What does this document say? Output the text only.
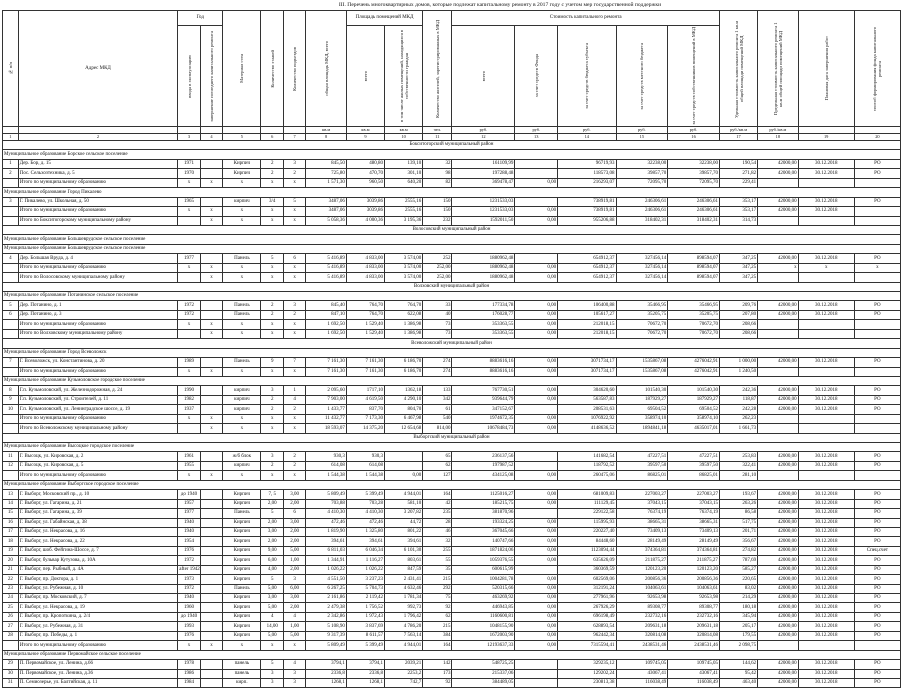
III. Перечень многоквартирных домов, которые подлежат капитальному ремонту в 2017 году с учетом мер государственной поддержки
№ п/п	Адрес МКД	Год		Материал стен	Количество этажей	Количество подъездов	общая площадь МКД, всего	Площадь помещений МКД		Количество жителей, зарегистрированных в МКД	Стоимость капитального ремонта					Удельная стоимость капитального ремонта 1 кв.м общей площади помещений МКД	Предельная стоимость капитального ремонта 1 кв.м общей площади помещений МКД	Плановая дата завершения работ	способ формирования фонда капитального ремонта

		ввода в эксплуатацию	завершение последнего капитального ремонта					всего	в том числе жилых помещений, находящихся в собственности граждан		всего	за счет средств Фонда	за счет средств бюджета субъекта	за счет средств местного бюджета	за счет средств собственников помещений в МКД				

							кв.м	кв.м	кв.м	чел.	руб.	руб.	руб.	руб.	руб.	руб./кв.м	руб./кв.м		
1	2	3	4	5	6	7	8	9	10	11	12	13	14	15	16	17	18	19	20
Бокситогорский муниципальный район																			
Муниципальное образование Борское сельское поселение																			
1	Дер. Бор, д. 15	1971		Кирпич	2	3	845,50	480,80	139,10	32	161109,99		96719,93	32238,00	32238,00	190,54	42000,00	30.12.2018	РО
2	Пос. Сельхозтехника, д. 5	1970		Кирпич	2	2	725,80	470,70	301,10	98	197288,48		118573,08	39857,70	39857,70	271,82	42000,00	30.12.2018	РО
	Итого по муниципальному образованию	x	x	x	x	x	1 571,30	960,50	640,20	82	369478,47	0,00	216293,07	72095,70	72095,70	229,41			
Муниципальное образование Город Пикалево																			
3	Г. Пикалево, ул. Школьная, д. 50	1965		кирпич	3/4	5	3487,06	3039,86	2555,16	150	1231533,03		738919,81	246306,61	246306,61	353,17	42000,00	30.12.2018	РО
	Итого по муниципальному образованию	x	x	x	x	x	3487,06	3039,86	2555,16	150	1231533,03	0,00	738919,81	246306,61	246306,61	353,17	42000,00	30.12.2018	
	Итого по Бокситогорскому муниципальному району		x	x	x	x	5 058,36	4 000,36	3 195,36	232	1592011,50	0,00	955206,88	318402,31	318402,31	314,73			
Волосовский муниципальный район																			
Муниципальное образование Большеврудское сельское поселение																			
Муниципальное образование Большеврудское сельское поселение																			
4	Дер. Большая Вруда, д. 4	1977		Панель	5	6	5 416,89	4 833,00	3 574,00	252	1880962,48		654912,37	327456,14	898594,07	347,25	42000,00	30.12.2018	РО
	Итого по муниципальному образованию	x	x	x	x	x	5 416,89	4 833,00	3 574,00	252,00	1880962,48	0,00	654912,37	327456,14	898594,07	347,25	x	x	x
	Итого по Волосовскому муниципальному району		x	x	x	x	5 416,89	4 833,00	3 574,00	252,00	1880962,48	0,00	654912,37	327456,14	898594,07	347,25			
Волховский муниципальный район																			
Муниципальное образование Потанинское сельское поселение																			
5	Дер. Потанино, д. 1	1972		Панель	2	3	845,40	764,70	764,70	33	177334,78	0,00	106400,88	35466,95	35466,95	209,76	42000,00	30.12.2018	РО
6	Дер. Потанино, д. 3	1972		Панель	2	2	847,10	764,70	622,08	40	176028,77	0,00	105617,27	35205,75	35205,75	207,80	42000,00	30.12.2018	РО
	Итого по муниципальному образованию	x	x	x	x	x	1 692,50	1 529,40	1 386,98	73	353363,55	0,00	212018,15	70672,70	70672,70	208,66			
	Итого по Волховскому муниципальному району		x	x	x	x	1 692,50	1 529,40	1 386,98	73	353363,55	0,00	212018,15	70672,70	70672,70	208,66			
Всеволожский муниципальный район																			
Муниципальное образование Город Всеволожск																			
7	Г. Всеволожск, ул. Константинова, д. 20	1989		Панель	9	7	7 161,30	7 161,30	6 186,70	274	8883616,16	0,00	3071734,17	1535867,08	4276042,91	1 000,00	42000,00	30.12.2018	РО
	Итого по муниципальному образованию	x	x	x	x	x	7 161,30	7 161,30	6 186,70	274	8883616,16	0,00	3071734,17	1535867,08	4276042,91	1 240,50			
Муниципальное образование Кузьмоловское городское поселение																			
8	Г.п. Кузьмоловский, ул. Железнодорожная, д. 24	1990		кирпич	3	1	2 095,60	1717,10	1362,18	133	767730,51	0,00	304620,60	101540,30	101540,30	242,36	42000,00	30.12.2018	РО
9	Г.п. Кузьмоловский, ул. Строителей, д. 11	1982		кирпич	2	4	7 903,00	4 619,50	4 290,10	342	939644,79	0,00	563587,83	187929,27	187929,27	118,87	42000,00	30.12.2018	РО
10	Г.п. Кузьмоловский, ул. Ленинградское шоссе, д. 19	1937		кирпич	2	2	1 433,77	837,70	804,70	61	347152,67		208531,63	69504,52	69504,52	242,28	42000,00	30.12.2018	РО
	Итого по муниципальному образованию	x	x	x	x	x	11 432,77	7 173,30	6 467,98	540	1974672,35	0,00	1076922,92	358974,10	358974,10	262,23			
	Итого по Всеволожскому муниципальному району		x	x	x	x	18 593,07	14 375,20	12 654,68	814,00	10678484,73	0,00	4148636,52	1894841,18	4635017,01	1 661,73			
Выборгский муниципальный район																			
Муниципальное образование Высоцкое городское поселение																			
11	Г. Высоцк, ул. Кировская, д. 2	1961		ж/б блок	3	2	930,3	930,3		65	236137,56		141682,54	47227,51	47227,51	253,83	42000,00	30.12.2018	РО
12	Г. Высоцк, ул. Кировская, д. 5	1955		кирпич	2	2	614,08	614,08		62	197987,52		118792,52	39597,50	39597,50	322,41	42000,00	30.12.2018	РО
	Итого по муниципальному образованию	x	x	x	x	x	1 544,38	1 544,38	0,00	127	434125,08	0,00	260475,06	86825,01	86825,01	281,10			
Муниципальное образование Выборгское городское поселение																			
13	Г. Выборг, Московский пр., д. 10	до 1940		Кирпич	7, 5	3,00	5 809,49	5 399,49	4 944,01	164	1125016,27	0,00	681009,83	227003,27	227003,27	193,67	42000,00	30.12.2018	РО
14	Г. Выборг, ул. Гагарина, д. 21	1957		Кирпич	2,00	2,00	703,88	703,28	581,10	42	185215,75	0,00	111129,45	37043,15	37043,15	263,26	42000,00	30.12.2018	РО
15	Г. Выборг, ул. Гагарина, д. 39	1977		Панель	5	6	4 410,30	4 410,30	3 207,82	235	381870,96		229122,58	76374,19	76374,19	86,58	42000,00	30.12.2018	РО
16	Г. Выборг, ул. Габайнская, д. 38	1940		Кирпич	2,00	3,00	472,46	472,46	44,72	28	193324,25	0,00	115995,93	38665,31	38665,31	517,75	42000,00	30.12.2018	РО
17	Г. Выборг, ул. Некрасова, д. 16	1940		Кирпич	3,00	2,00	1 819,90	1 325,80	801,22	46	367045,66	0,00	220227,40	73409,13	73409,13	201,71	42000,00	30.12.2018	РО
18	Г. Выборг, ул. Некрасова, д. 22	1954		Кирпич	2,00	2,00	394,61	394,61	394,61	32	140747,66	0,00	84448,60	28149,49	28149,49	356,67	42000,00	30.12.2018	РО
19	Г. Выборг, шоб. Фейгина-Шоссе, д. 7	1976		Кирпич	9,00	5,00	6 811,03	6 046,34	6 101,30	255	1871824,06	0,00	1123094,44	374364,81	374364,81	274,82	42000,00	30.12.2018	Спец.счет
20	Г. Выборг, бульвар Кутузова, д. 10А	1972		Кирпич	6,00	1,00	1 344,91	1 116,27	803,61	55	1059376,55	0,00	635626,09	211875,27	211875,27	787,69	42000,00	30.12.2018	РО
21	Г. Выборг, пер. Рыбный, д. 4А	after 1942		Кирпич	4,00	2,00	1 026,22	1 026,22	847,59	35	600615,99		360369,59	120123,20	120123,20	585,27	42000,00	30.12.2018	РО
22	Г. Выборг, пр. Доктора, д. 1	1973		Кирпич	5	3	4 551,50	3 237,23	2 431,41	215	1004281,78	0,00	602569,06	200856,36	200856,36	220,65	42000,00	30.12.2018	РО
23	Г. Выборг, ул. Рубежная, д. 10	1972		Панель	5,00	6,00	6 267,25	5 704,73	4 632,46	292	520315,66	0,00	312191,24	104063,61	104063,61	83,02	42000,00	30.12.2018	РО
24	Г. Выборг, пр. Московский, д. 7	1940		Кирпич	3,00	3,00	2 161,86	2 119,42	1 781,34	75	463269,92	0,00	277961,96	92653,98	92653,98	214,29	42000,00	30.12.2018	РО
25	Г. Выборг, ул. Некрасова, д. 19	1960		Кирпич	5,00	2,00	2 479,38	1 756,52	992,73	92	446943,85	0,00	267926,29	89308,77	89308,77	180,18	42000,00	30.12.2018	РО
26	Г. Выборг, пр. Кропоткина, д. 2/4	до 1940		Кирпич	4	4	2 342,86	1 972,43	1 796,42	62	1160600,81	0,00	696198,49	232732,16	232732,16	345,94	42000,00	30.12.2018	РО
27	Г. Выборг, ул. Рубежная, д. 31	1993		Кирпич	14,00	1,00	5 108,90	3 837,69	4 786,20	215	1048155,90	0,00	628893,54	209631,18	209631,18	205,17	42000,00	30.12.2018	РО
28	Г. Выборг, пр. Победы, д. 1	1976		Кирпич	5,00	5,00	9 317,39	8 611,57	7 563,14	384	1672003,90	0,00	962442,34	320814,08	320814,08	179,55	42000,00	30.12.2018	РО
	Итого по муниципальному образованию	x	x	x	x	x	5 809,49	5 399,49	4 944,01	164	12193637,33	0,00	7315594,41	2438531,46	2438531,46	2 098,75			
Муниципальное образование Первомайское сельское поселение																			
29	П. Первомайское, ул. Ленина, д.66	1978		панель	5	4	3794,1	3794,1	2039,21	142	548725,25		329235,12	109745,05	109745,05	144,62	42000,00	30.12.2018	РО
30	П. Первомайское, ул. Ленина, д.36	1986		панель	3	3	2336,8	2336,8	2253,2	173	215337,06		129202,24	43067,41	43067,41	95,42	42000,00	30.12.2018	РО
31	П. Семиозерье, ул. Балтийская, д. 11	1984		кирп.	3	3	1268,1	1268,1	742,7	92	384489,05		230813,38	116038,49	116038,49	463,40	42000,00	30.12.2018	РО
